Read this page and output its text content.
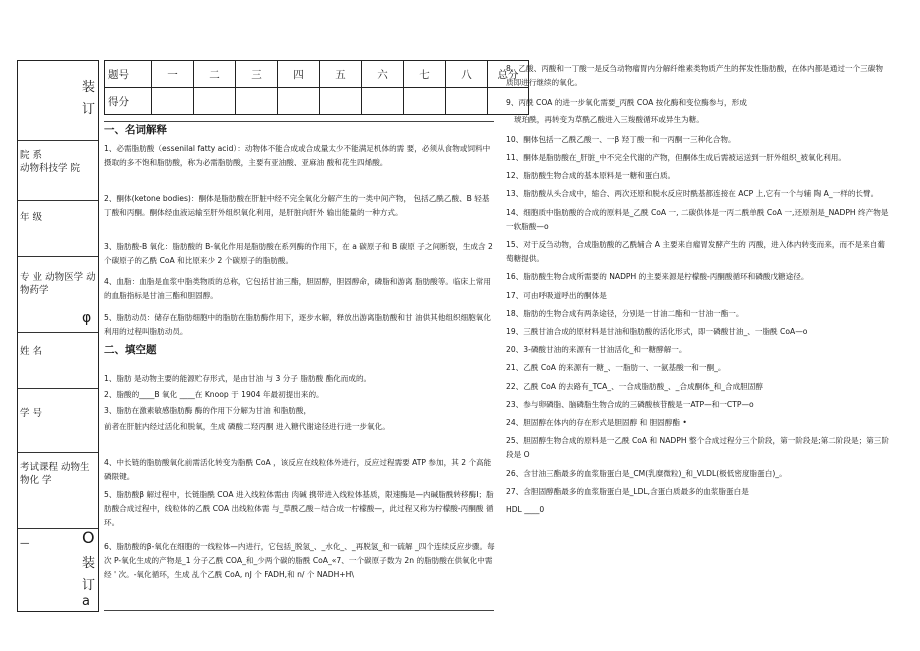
院 系
动物科技学 院
年 级
专 业 动物医学 动物药学
姓 名
学 号
考试课程 动物生物化 学
—
装
订
φ
O
装
订
a
题号	一	二	三	四	五	六	七	八	总分
得分									
一、名词解释
1、必需脂肪酸（essenilal fatty acid）：动物体不能合成或合成量太少不能满足机体的需 要，必须从食物或饲料中摄取的多不饱和脂肪酸，称为必需脂肪酸，主要有亚油酸、亚麻油 酸和花生四烯酸。
2、酮体(ketone bodies)：酮体是脂肪酸在肝脏中经不完全氧化分解产生的一类中间产物， 包括乙酰乙酸、B 轻基丁酸和丙酮。酮体经血液运输至肝外组织氧化利用，是肝脏向肝外 输出能量的一种方式。
3、脂肪酸-B 氧化：脂肪酸的 B-氧化作用是脂肪酸在系列酶的作用下，在 a 碳原子和 B 碳原 子之间断裂，生成含 2 个碳原子的乙酰 CoA 和比原来少 2 个碳原子的脂肪酸。
4、血脂：血脂是血浆中脂类物质的总称，它包括甘油三酯，胆固醇，胆固醇命，磷脂和游离 脂肪酸等。临床上常用的血脂指标是甘油三酯和胆固醇。
5、脂肪动员：储存在脂肪细胞中的脂肪在脂肪酶作用下，逐步水解，释放出游离脂肪酸和甘 油供其他组织细胞氧化利用的过程叫脂肪动员。
二、填空题
1、脂肪 是动物主要的能源贮存形式，是由甘油 与 3 分子 脂肪酸 酯化而成的。
2、脂酸的____B 氧化 ____在 Knoop 于 1904 年最初提出来的。
3、脂肪在激素敏感脂肪酶 酶的作用下分解为甘油 和脂肪酸，
前者在肝脏内经过活化和脱氧，生成 磷酸二羟丙酮 进入糖代谢途径进行进一步氧化。
4、中长链的脂肪酸氧化前需活化转变为脂酰 CoA ，该反应在线粒体外进行，反应过程需要 ATP 参加，其 2 个高能磷限键。
5、脂肪酸β 解过程中，长链脂酰 COA 进入线粒体需由 肉碱 携带进入线粒体基质，限速酶是—内碱脂酰转移酶I；脂肪酸合成过程中，线粒体的乙酰 COA 出线粒体需 与_草酰乙酸－结合成一柠檬酸—，此过程又称为柠檬酸-丙酮酸 循环。
6、脂肪酸的β-氧化在细胞的一线粒体—内进行，它包括_脱氢_、_水化_、_再脱氢_和一硫解 _四个连续反应步骤。每次 P-氧化生成的产物是_1 分子乙酰 COA_和_少两个碳的脂酰 CoA_«7、一个碳原子数为 2n 的脂肪酸在供氧化中需经 ' 次。-氧化循环，生成 乩个乙酰 CoA, nJ 个 FADH,和 n/ 个 NADH+H\
8、乙酸、丙酸和一丁酸一是反刍动物瘤胃内分解纤维素类物质产生的挥发性脂肪酸，在体内都是通过一个三碳物质即进行继续的氧化。
9、丙酰 COA 的进一步氧化需要_丙酰 COA 按化酶和变位酶参与，形成
琥珀酰，再转变为草酰乙酸进入三羧酸循环或异生为糖。
10、酮体包括一乙酰乙酸一、一β 羟丁酸一和一丙酮一三种化合物。
11、酮体是脂肪酸在_肝脏_中不完全代谢的产物，但酮体生成后需被运送到一肝外组织_被氧化利用。
12、脂肪酸生物合成的基本原料是一糖和蛋白质。
13、脂肪酸从头合成中，缩合、两次还原和脱水反应时酰基都连接在 ACP 上,它有一个与辅 陶 A_一样的长臂。
14、细胞质中脂肪酸的合成的原料是_乙酰 CoA 一, 二碳供体是一丙二酰单酰 CoA 一,还原剂是_NADPH 终产物是一软脂酸—o
15、对于反刍动物，合成脂肪酸的乙酰辅合 A 主要来自瘤胃发酵产生的 丙酸，进入体内转变而来，而不是来自葡萄糖提供。
16、脂肪酸生物合成所需要的 NADPH 的主要来源是柠檬酸-丙酮酸循环和磷酸戊糖途径。
17、可由呼吸道呼出的酮体是
18、脂肪的生物合成有两条途径，分别是一甘油二酯和一甘油一酯一。
19、三酰甘油合成的原材料是甘油和脂肪酸的活化形式，即一磷酸甘油_、一脂酰 CoA—o
20、3-磷酸甘油的来源有一甘油活化_和一糖酵解一。
21、乙酰 CoA 的来源有一糖_、一脂肪一、一氨基酸一和一酮_。
22、乙酰 CoA 的去路有_TCA_、一合成脂肪酸_、_合成酮体_和_合成胆固醇
23、参与卵磷脂、脑磷脂生物合成的三磷酸核苷酸是一ATP—和一CTP—o
24、胆固醇在体内的存在形式是胆固醇 和 胆固醇酯 •
25、胆固醇生物合成的原料是一乙酰 CoA 和 NADPH 整个合成过程分三个阶段，第一阶段是;第二阶段是；第三阶段是 O
26、含甘油三酯最多的血浆脂蛋白是_CM(乳糜微粒)_和_VLDL(极低密度脂蛋白)_。
27、含胆固醇酯最多的血浆脂蛋白是_LDL,含蛋白质最多的血浆脂蛋白是
HDL ____0
